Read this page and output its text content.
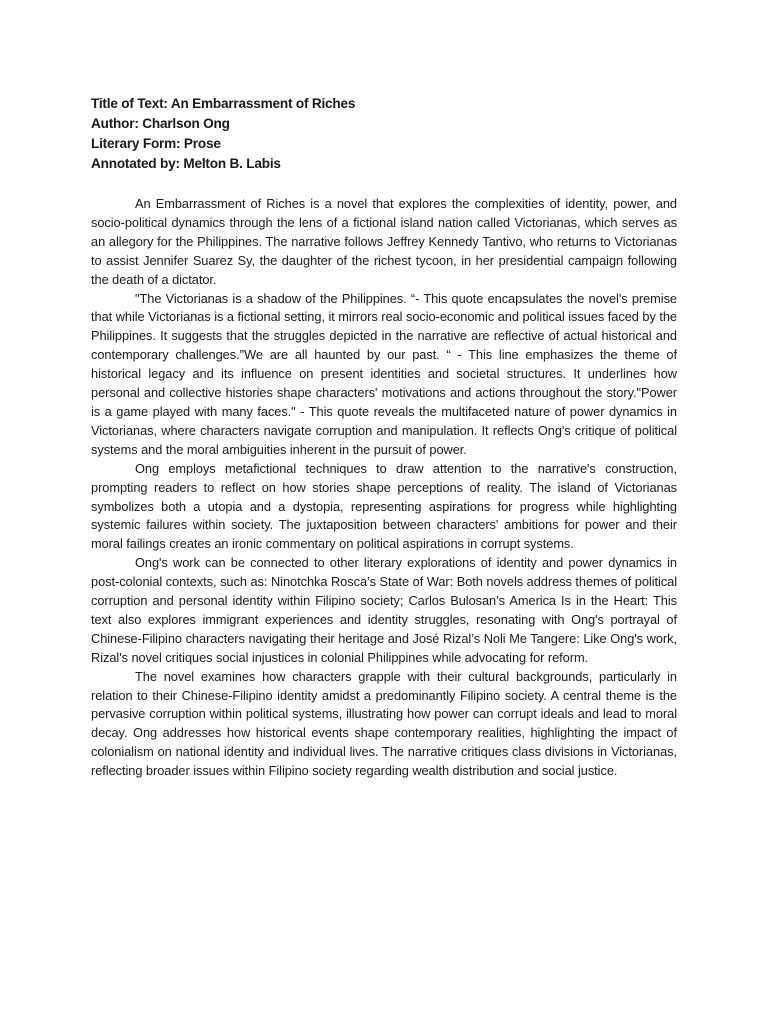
Title of Text: An Embarrassment of Riches

Author: Charlson Ong

Literary Form: Prose

Annotated by: Melton B. Labis

An Embarrassment of Riches is a novel that explores the complexities of identity, power, and socio-political dynamics through the lens of a fictional island nation called Victorianas, which serves as an allegory for the Philippines. The narrative follows Jeffrey Kennedy Tantivo, who returns to Victorianas to assist Jennifer Suarez Sy, the daughter of the richest tycoon, in her presidential campaign following the death of a dictator.

"The Victorianas is a shadow of the Philippines. “- This quote encapsulates the novel's premise that while Victorianas is a fictional setting, it mirrors real socio-economic and political issues faced by the Philippines. It suggests that the struggles depicted in the narrative are reflective of actual historical and contemporary challenges."We are all haunted by our past. “ - This line emphasizes the theme of historical legacy and its influence on present identities and societal structures. It underlines how personal and collective histories shape characters' motivations and actions throughout the story."Power is a game played with many faces." - This quote reveals the multifaceted nature of power dynamics in Victorianas, where characters navigate corruption and manipulation. It reflects Ong's critique of political systems and the moral ambiguities inherent in the pursuit of power.

Ong employs metafictional techniques to draw attention to the narrative's construction, prompting readers to reflect on how stories shape perceptions of reality. The island of Victorianas symbolizes both a utopia and a dystopia, representing aspirations for progress while highlighting systemic failures within society. The juxtaposition between characters' ambitions for power and their moral failings creates an ironic commentary on political aspirations in corrupt systems.

Ong's work can be connected to other literary explorations of identity and power dynamics in post-colonial contexts, such as: Ninotchka Rosca’s State of War: Both novels address themes of political corruption and personal identity within Filipino society; Carlos Bulosan’s America Is in the Heart: This text also explores immigrant experiences and identity struggles, resonating with Ong's portrayal of Chinese-Filipino characters navigating their heritage and José Rizal’s Noli Me Tangere: Like Ong's work, Rizal's novel critiques social injustices in colonial Philippines while advocating for reform.

The novel examines how characters grapple with their cultural backgrounds, particularly in relation to their Chinese-Filipino identity amidst a predominantly Filipino society. A central theme is the pervasive corruption within political systems, illustrating how power can corrupt ideals and lead to moral decay. Ong addresses how historical events shape contemporary realities, highlighting the impact of colonialism on national identity and individual lives. The narrative critiques class divisions in Victorianas, reflecting broader issues within Filipino society regarding wealth distribution and social justice.
